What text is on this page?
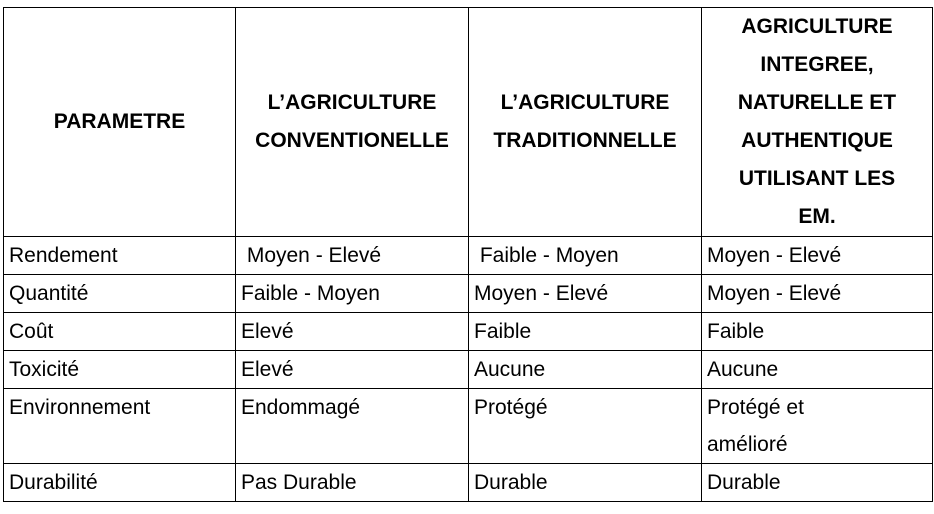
PARAMETRE	L’AGRICULTURE CONVENTIONELLE	L’AGRICULTURE TRADITIONNELLE	AGRICULTURE INTEGREE, NATURELLE ET AUTHENTIQUE UTILISANT LES EM.

Rendement	Moyen - Elevé	Faible - Moyen	Moyen - Elevé

Quantité	Faible - Moyen	Moyen - Elevé	Moyen - Elevé

Coût	Elevé	Faible	Faible

Toxicité	Elevé	Aucune	Aucune

Environnement	Endommagé	Protégé	Protégé et amélioré

Durabilité	Pas Durable	Durable	Durable
